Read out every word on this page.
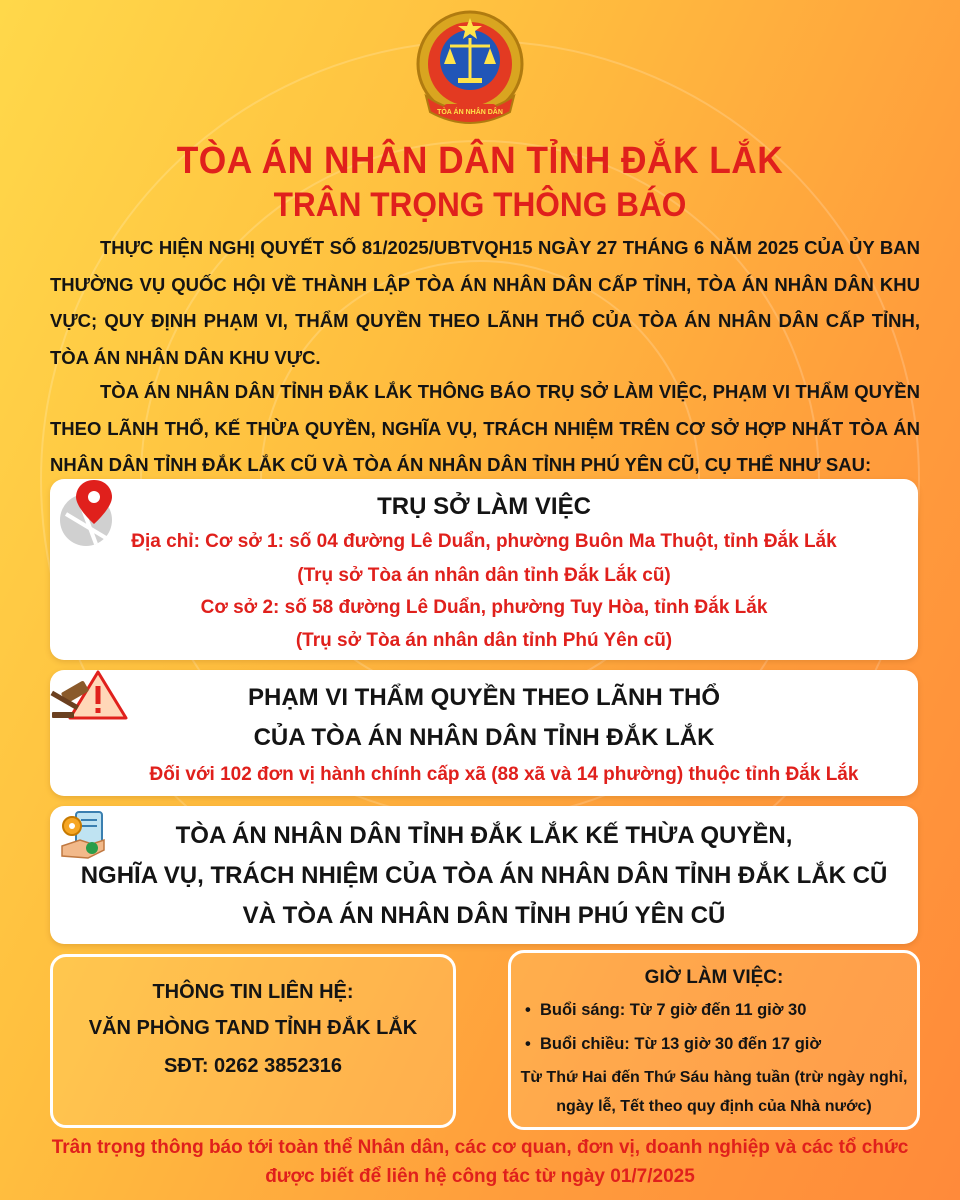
TÒA ÁN NHÂN DÂN
TÒA ÁN NHÂN DÂN TỈNH ĐẮK LẮK
TRÂN TRỌNG THÔNG BÁO
THỰC HIỆN NGHỊ QUYẾT SỐ 81/2025/UBTVQH15 NGÀY 27 THÁNG 6 NĂM 2025 CỦA ỦY BAN THƯỜNG VỤ QUỐC HỘI VỀ THÀNH LẬP TÒA ÁN NHÂN DÂN CẤP TỈNH, TÒA ÁN NHÂN DÂN KHU VỰC; QUY ĐỊNH PHẠM VI, THẨM QUYỀN THEO LÃNH THỔ CỦA TÒA ÁN NHÂN DÂN CẤP TỈNH, TÒA ÁN NHÂN DÂN KHU VỰC.
TÒA ÁN NHÂN DÂN TỈNH ĐẮK LẮK THÔNG BÁO TRỤ SỞ LÀM VIỆC, PHẠM VI THẨM QUYỀN THEO LÃNH THỔ, KẾ THỪA QUYỀN, NGHĨA VỤ, TRÁCH NHIỆM TRÊN CƠ SỞ HỢP NHẤT TÒA ÁN NHÂN DÂN TỈNH ĐẮK LẮK CŨ VÀ TÒA ÁN NHÂN DÂN TỈNH PHÚ YÊN CŨ, CỤ THỂ NHƯ SAU:
TRỤ SỞ LÀM VIỆC
Địa chỉ: Cơ sở 1: số 04 đường Lê Duẩn, phường Buôn Ma Thuột, tỉnh Đắk Lắk
(Trụ sở Tòa án nhân dân tỉnh Đắk Lắk cũ)
Cơ sở 2: số 58 đường Lê Duẩn, phường Tuy Hòa, tỉnh Đắk Lắk
(Trụ sở Tòa án nhân dân tỉnh Phú Yên cũ)
PHẠM VI THẨM QUYỀN THEO LÃNH THỔ
CỦA TÒA ÁN NHÂN DÂN TỈNH ĐẮK LẮK
Đối với 102 đơn vị hành chính cấp xã (88 xã và 14 phường) thuộc tỉnh Đắk Lắk
TÒA ÁN NHÂN DÂN TỈNH ĐẮK LẮK KẾ THỪA QUYỀN,
NGHĨA VỤ, TRÁCH NHIỆM CỦA TÒA ÁN NHÂN DÂN TỈNH ĐẮK LẮK CŨ
VÀ TÒA ÁN NHÂN DÂN TỈNH PHÚ YÊN CŨ
THÔNG TIN LIÊN HỆ:
VĂN PHÒNG TAND TỈNH ĐẮK LẮK
SĐT: 0262 3852316
GIỜ LÀM VIỆC:
•  Buổi sáng: Từ 7 giờ đến 11 giờ 30
•  Buổi chiều: Từ 13 giờ 30 đến 17 giờ
Từ Thứ Hai đến Thứ Sáu hàng tuần (trừ ngày nghỉ,
ngày lễ, Tết theo quy định của Nhà nước)
Trân trọng thông báo tới toàn thể Nhân dân, các cơ quan, đơn vị, doanh nghiệp và các tổ chức
được biết để liên hệ công tác từ ngày 01/7/2025
